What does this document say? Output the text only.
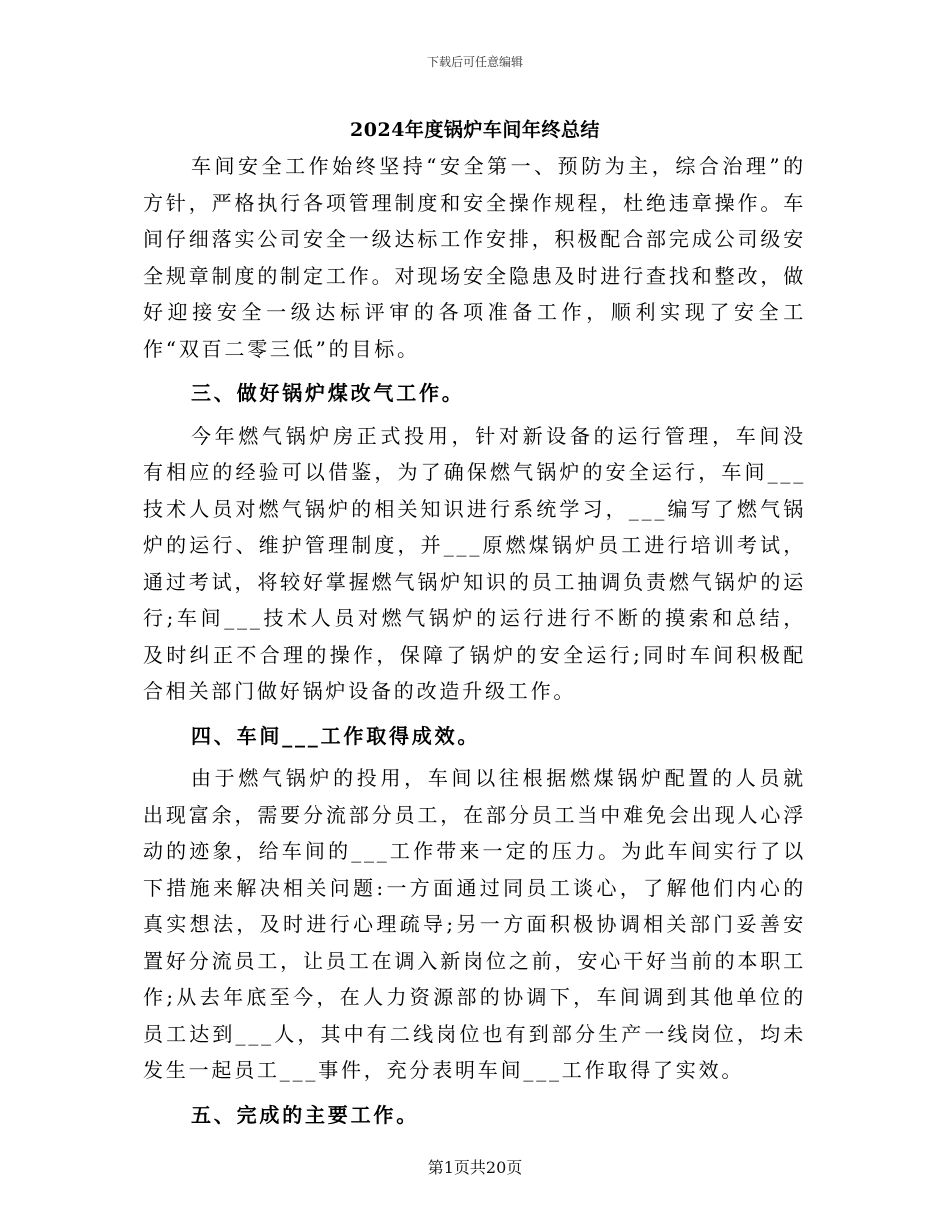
下载后可任意编辑
2024年度锅炉车间年终总结

车间安全工作始终坚持“安全第一、预防为主，综合治理”的方针，严格执行各项管理制度和安全操作规程，杜绝违章操作。车间仔细落实公司安全一级达标工作安排，积极配合部完成公司级安全规章制度的制定工作。对现场安全隐患及时进行查找和整改，做好迎接安全一级达标评审的各项准备工作，顺利实现了安全工作“双百二零三低”的目标。

三、做好锅炉煤改气工作。

今年燃气锅炉房正式投用，针对新设备的运行管理，车间没有相应的经验可以借鉴，为了确保燃气锅炉的安全运行，车间___技术人员对燃气锅炉的相关知识进行系统学习，___编写了燃气锅炉的运行、维护管理制度，并___原燃煤锅炉员工进行培训考试，通过考试，将较好掌握燃气锅炉知识的员工抽调负责燃气锅炉的运行;车间___技术人员对燃气锅炉的运行进行不断的摸索和总结，及时纠正不合理的操作，保障了锅炉的安全运行;同时车间积极配合相关部门做好锅炉设备的改造升级工作。

四、车间___工作取得成效。

由于燃气锅炉的投用，车间以往根据燃煤锅炉配置的人员就出现富余，需要分流部分员工，在部分员工当中难免会出现人心浮动的迹象，给车间的___工作带来一定的压力。为此车间实行了以下措施来解决相关问题:一方面通过同员工谈心，了解他们内心的真实想法，及时进行心理疏导;另一方面积极协调相关部门妥善安置好分流员工，让员工在调入新岗位之前，安心干好当前的本职工作;从去年底至今，在人力资源部的协调下，车间调到其他单位的员工达到___人，其中有二线岗位也有到部分生产一线岗位，均未发生一起员工___事件，充分表明车间___工作取得了实效。

五、完成的主要工作。
第1页共20页
